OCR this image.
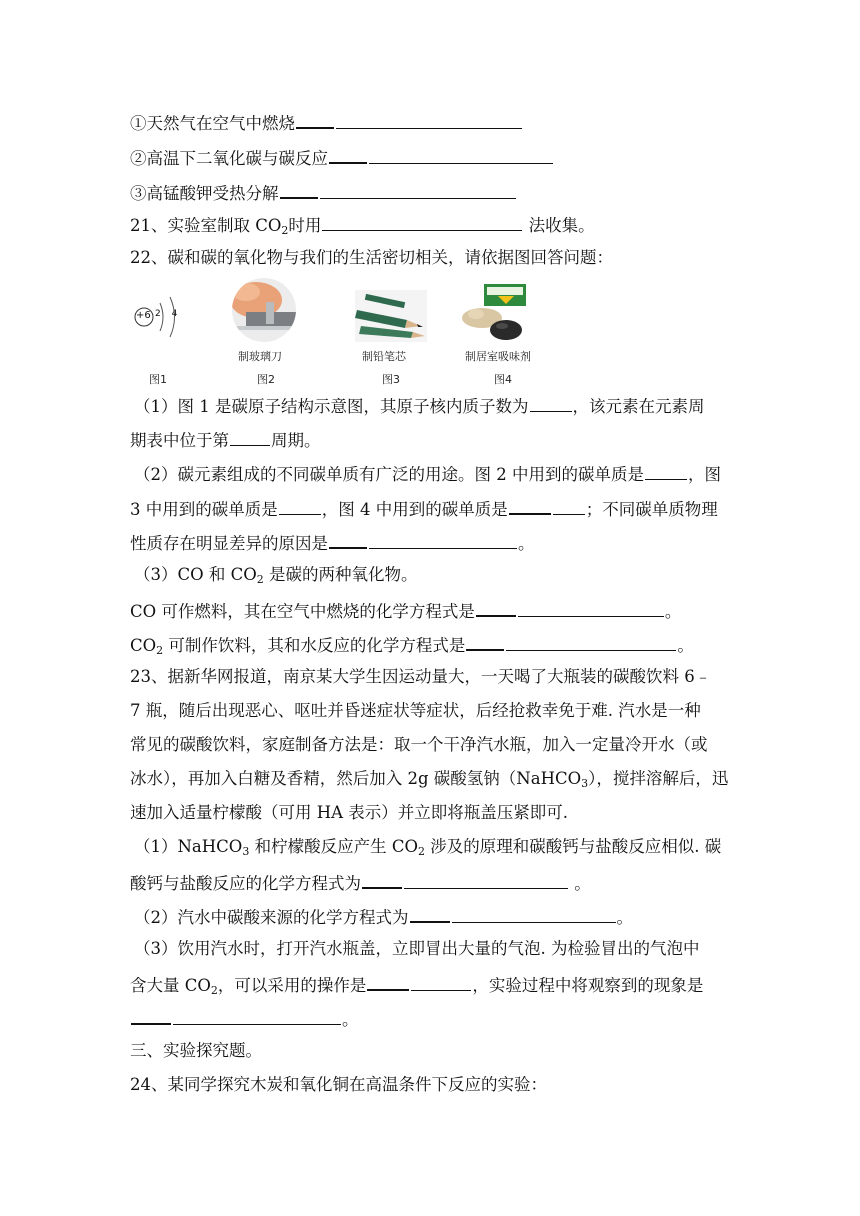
①天然气在空气中燃烧
②高温下二氧化碳与碳反应
③高锰酸钾受热分解
21、实验室制取 $CO_2$时用	法收集。
22、碳和碳的氧化物与我们的生活密切相关，请依据图回答问题：
+6 2 4
制玻璃刀	制铅笔芯	制居室吸味剂
图1	图2	图3	图4
（1）图 1 是碳原子结构示意图，其原子核内质子数为	，该元素在元素周
期表中位于第	周期。
（2）碳元素组成的不同碳单质有广泛的用途。图 2 中用到的碳单质是	，图
3 中用到的碳单质是	，图 4 中用到的碳单质是	；不同碳单质物理
性质存在明显差异的原因是	。
（3）CO 和 $CO_2$ 是碳的两种氧化物。
CO 可作燃料，其在空气中燃烧的化学方程式是	。
$CO_2$ 可制作饮料，其和水反应的化学方程式是	。
23、据新华网报道，南京某大学生因运动量大，一天喝了大瓶装的碳酸饮料 6﹣
7 瓶，随后出现恶心、呕吐并昏迷症状等症状，后经抢救幸免于难. 汽水是一种
常见的碳酸饮料，家庭制备方法是：取一个干净汽水瓶，加入一定量冷开水（或
冰水），再加入白糖及香精，然后加入 2g 碳酸氢钠（NaHCO$_3$），搅拌溶解后，迅
速加入适量柠檬酸（可用 HA 表示）并立即将瓶盖压紧即可.
（1）NaHCO$_3$ 和柠檬酸反应产生 $CO_2$ 涉及的原理和碳酸钙与盐酸反应相似. 碳
酸钙与盐酸反应的化学方程式为	。
（2）汽水中碳酸来源的化学方程式为	。
（3）饮用汽水时，打开汽水瓶盖，立即冒出大量的气泡. 为检验冒出的气泡中
含大量 $CO_2$，可以采用的操作是	，实验过程中将观察到的现象是
。
三、实验探究题。
24、某同学探究木炭和氧化铜在高温条件下反应的实验：
